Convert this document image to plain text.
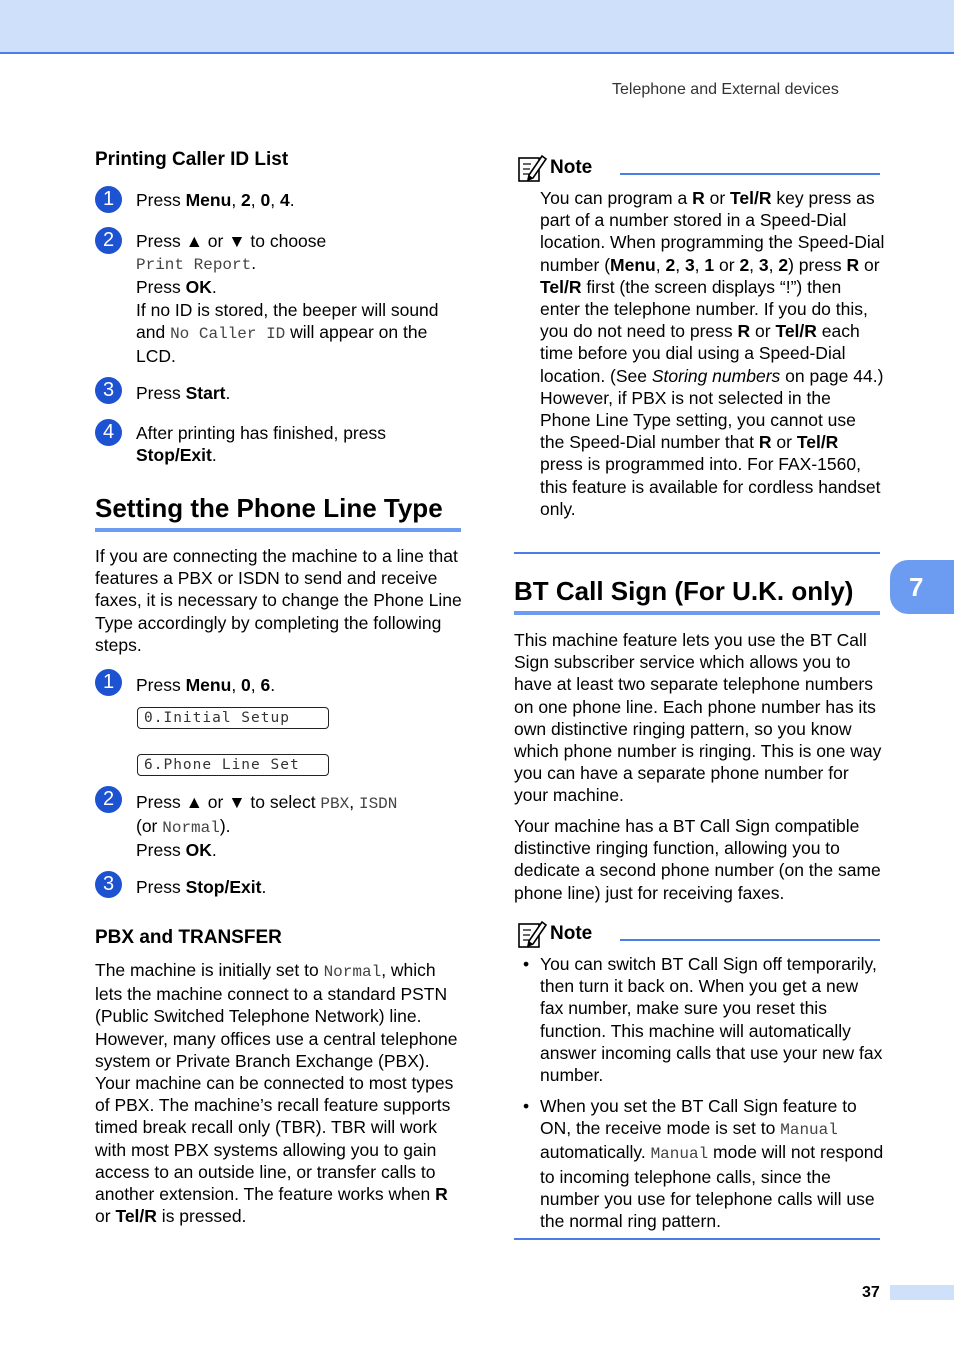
Telephone and External devices
Printing Caller ID List
1	Press Menu, 2, 0, 4.
2	Press ▲ or ▼ to choose
Print Report.
Press OK.
If no ID is stored, the beeper will sound and No Caller ID will appear on the LCD.
3	Press Start.
4	After printing has finished, press Stop/Exit.
Setting the Phone Line Type
If you are connecting the machine to a line that features a PBX or ISDN to send and receive faxes, it is necessary to change the Phone Line Type accordingly by completing the following steps.
1	Press Menu, 0, 6.
0.Initial Setup
6.Phone Line Set
2	Press ▲ or ▼ to select PBX, ISDN
(or Normal).
Press OK.
3	Press Stop/Exit.
PBX and TRANSFER
The machine is initially set to Normal, which lets the machine connect to a standard PSTN (Public Switched Telephone Network) line. However, many offices use a central telephone system or Private Branch Exchange (PBX). Your machine can be connected to most types of PBX. The machine’s recall feature supports timed break recall only (TBR). TBR will work with most PBX systems allowing you to gain access to an outside line, or transfer calls to another extension. The feature works when R or Tel/R is pressed.
Note
You can program a R or Tel/R key press as part of a number stored in a Speed-Dial location. When programming the Speed-Dial number (Menu, 2, 3, 1 or 2, 3, 2) press R or Tel/R first (the screen displays “!”) then enter the telephone number. If you do this, you do not need to press R or Tel/R each time before you dial using a Speed-Dial location. (See Storing numbers on page 44.) However, if PBX is not selected in the Phone Line Type setting, you cannot use the Speed-Dial number that R or Tel/R press is programmed into. For FAX-1560, this feature is available for cordless handset only.
BT Call Sign (For U.K. only)
This machine feature lets you use the BT Call Sign subscriber service which allows you to have at least two separate telephone numbers on one phone line. Each phone number has its own distinctive ringing pattern, so you know which phone number is ringing. This is one way you can have a separate phone number for your machine.
Your machine has a BT Call Sign compatible distinctive ringing function, allowing you to dedicate a second phone number (on the same phone line) just for receiving faxes.
Note
• You can switch BT Call Sign off temporarily, then turn it back on. When you get a new fax number, make sure you reset this function. This machine will automatically answer incoming calls that use your new fax number.
• When you set the BT Call Sign feature to ON, the receive mode is set to Manual automatically. Manual mode will not respond to incoming telephone calls, since the number you use for telephone calls will use the normal ring pattern.
7
37
